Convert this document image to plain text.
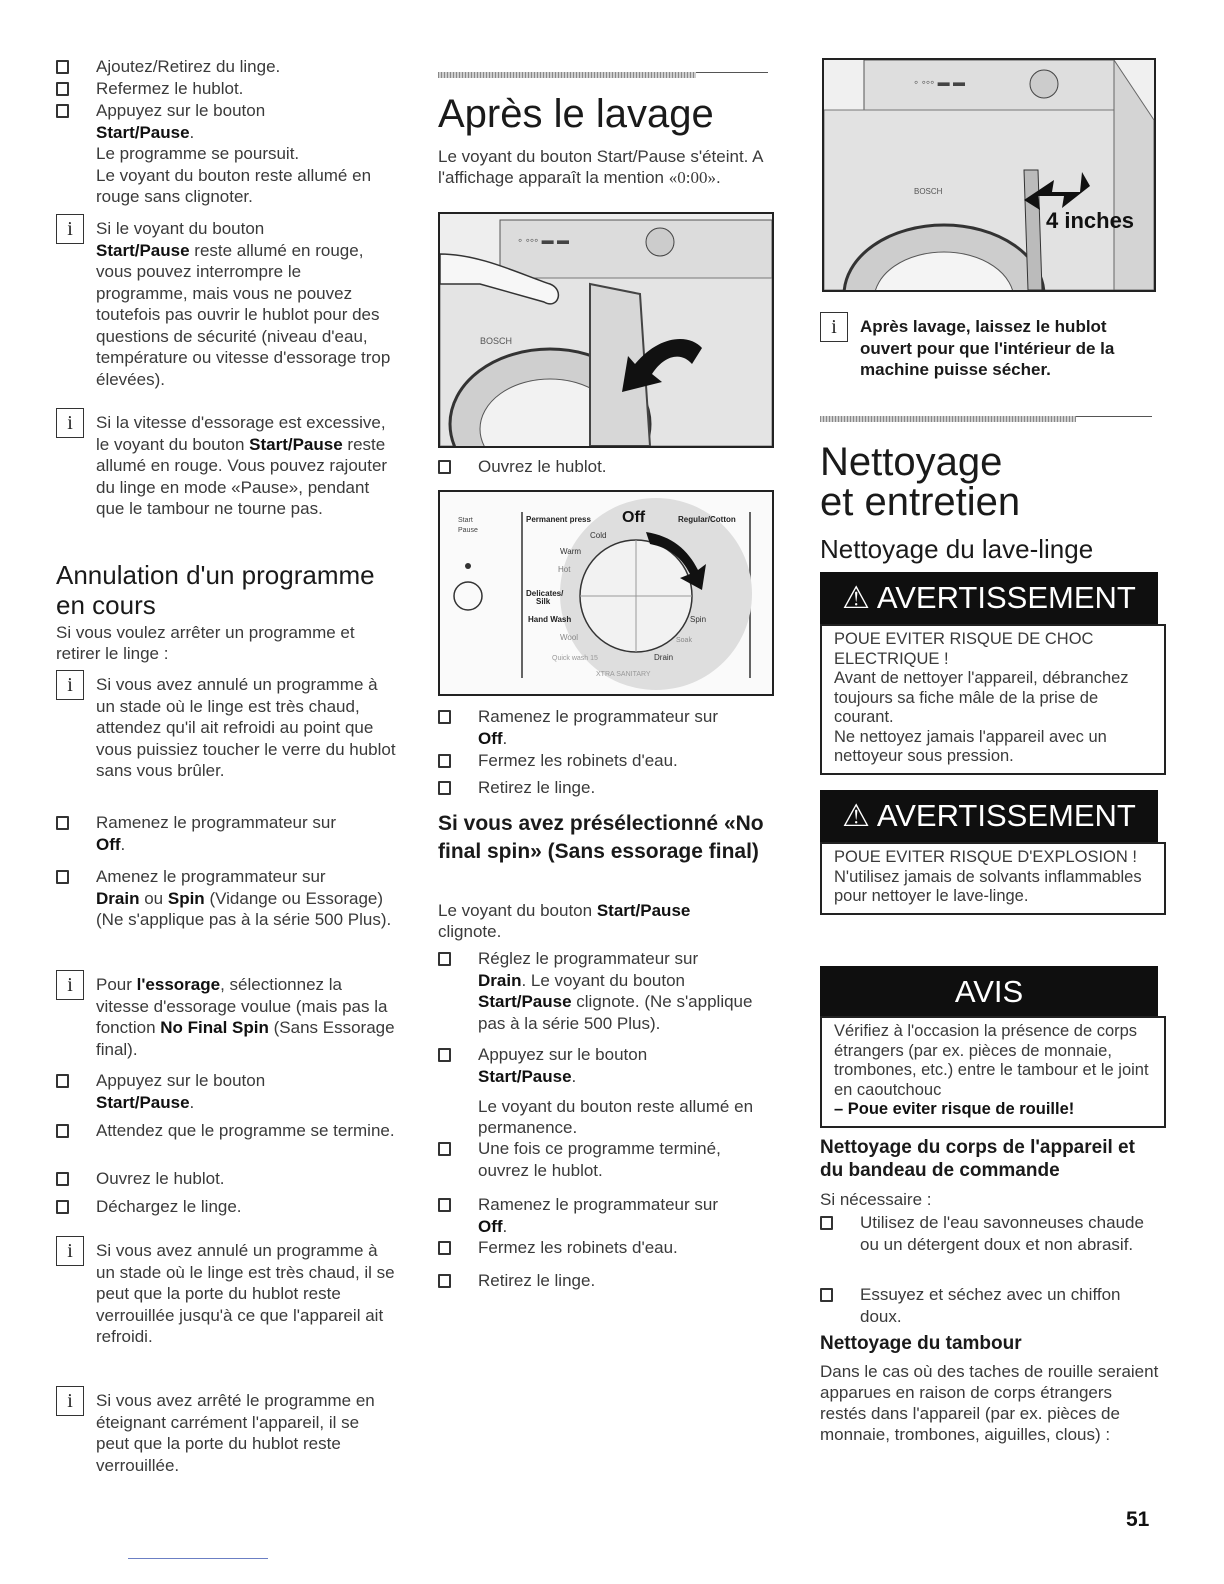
Ajoutez/Retirez du linge.
Refermez le hublot.
Appuyez sur le bouton
Start/Pause.
Le programme se poursuit.
Le voyant du bouton reste allumé en rouge sans clignoter.
i	Si le voyant du bouton
Start/Pause reste allumé en rouge, vous pouvez interrompre le programme, mais vous ne pouvez toutefois pas ouvrir le hublot pour des questions de sécurité (niveau d'eau, température ou vitesse d'essorage trop élevées).
i	Si la vitesse d'essorage est excessive, le voyant du bouton Start/Pause reste allumé en rouge. Vous pouvez rajouter du linge en mode «Pause», pendant que le tambour ne tourne pas.
Annulation d'un programme en cours
Si vous voulez arrêter un programme et retirer le linge :
i	Si vous avez annulé un programme à un stade où le linge est très chaud, attendez qu'il ait refroidi au point que vous puissiez toucher le verre du hublot sans vous brûler.
Ramenez le programmateur sur
Off.
Amenez le programmateur sur
Drain ou Spin (Vidange ou Essorage) (Ne s'applique pas à la série 500 Plus).
i	Pour l'essorage, sélectionnez la vitesse d'essorage voulue (mais pas la fonction No Final Spin (Sans Essorage final).
Appuyez sur le bouton
Start/Pause.
Attendez que le programme se termine.
Ouvrez le hublot.
Déchargez le linge.
i	Si vous avez annulé un programme à un stade où le linge est très chaud, il se peut que la porte du hublot reste verrouillée jusqu'à ce que l'appareil ait refroidi.
i	Si vous avez arrêté le programme en éteignant carrément l'appareil, il se peut que la porte du hublot reste verrouillée.
Après le lavage
Le voyant du bouton Start/Pause s'éteint. A l'affichage apparaît la mention «0:00».
◦ ◦◦◦ ▬ ▬
BOSCH
Ouvrez le hublot.
Start
Pause
Permanent press Off	Regular/Cotton
Cold
Warm
Hot
Delicates/
Silk
Hand Wash	Spin
Wool
Drain
Soak
Quick wash 15
XTRA SANITARY
Ramenez le programmateur sur
Off.
Fermez les robinets d'eau.
Retirez le linge.
Si vous avez présélectionné «No final spin» (Sans essorage final)
Le voyant du bouton Start/Pause
clignote.
Réglez le programmateur sur
Drain. Le voyant du bouton
Start/Pause clignote. (Ne s'applique pas à la série 500 Plus).
Appuyez sur le bouton
Start/Pause.
Le voyant du bouton reste allumé en permanence.
Une fois ce programme terminé, ouvrez le hublot.
Ramenez le programmateur sur
Off.
Fermez les robinets d'eau.
Retirez le linge.
◦ ◦◦◦ ▬ ▬
BOSCH
4 inches
i	Après lavage, laissez le hublot ouvert pour que l'intérieur de la machine puisse sécher.
Nettoyage
et entretien
Nettoyage du lave-linge
⚠ AVERTISSEMENT
POUE EVITER RISQUE DE CHOC ELECTRIQUE !
Avant de nettoyer l'appareil, débranchez toujours sa fiche mâle de la prise de courant.
Ne nettoyez jamais l'appareil avec un nettoyeur sous pression.
⚠ AVERTISSEMENT
POUE EVITER RISQUE D'EXPLOSION !
N'utilisez jamais de solvants inflammables pour nettoyer le lave-linge.
AVIS
Vérifiez à l'occasion la présence de corps étrangers (par ex. pièces de monnaie, trombones, etc.) entre le tambour et le joint en caoutchouc
– Poue eviter risque de rouille!
Nettoyage du corps de l'appareil et du bandeau de commande
Si nécessaire :
Utilisez de l'eau savonneuses chaude ou un détergent doux et non abrasif.
Essuyez et séchez avec un chiffon doux.
Nettoyage du tambour
Dans le cas où des taches de rouille seraient apparues en raison de corps étrangers restés dans l'appareil (par ex. pièces de monnaie, trombones, aiguilles, clous) :
51
